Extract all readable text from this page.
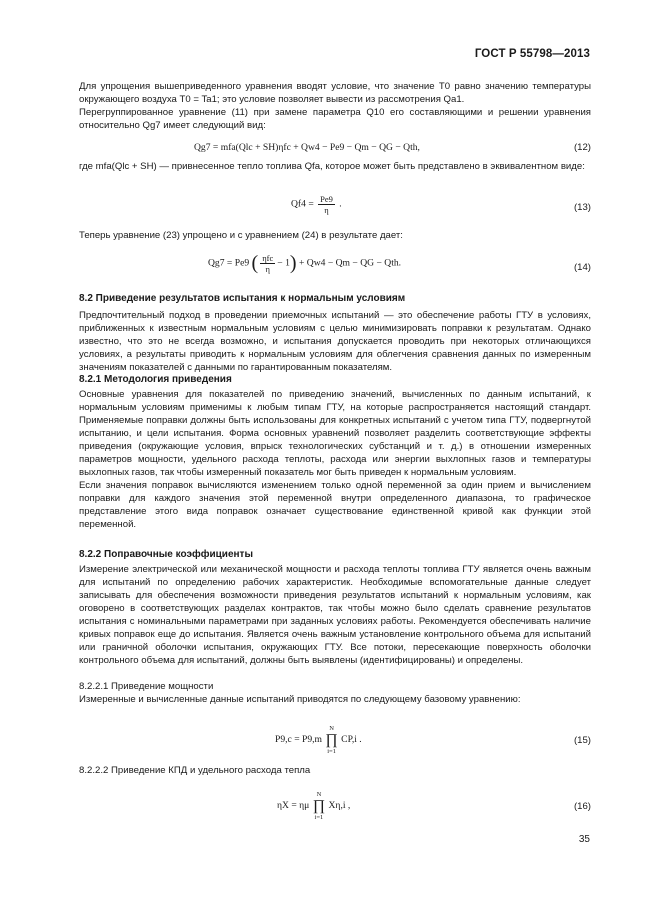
ГОСТ Р 55798—2013

Для упрощения вышеприведенного уравнения вводят условие, что значение T0 равно значению температуры окружающего воздуха T0 = Ta1; это условие позволяет вывести из рассмотрения Qa1.

Перегруппированное уравнение (11) при замене параметра Q10 его составляющими и решении уравнения относительно Qg7 имеет следующий вид:

Qg7 = mfa(Qlc + SH)ηfc + Qw4 − Pe9 − Qm − QG − Qth,	(12)

где mfa(Qlc + SH) — привнесенное тепло топлива Qfa, которое может быть представлено в эквивалентном виде:

$Qf4 = \frac{Pe9}{\eta}$ .	(13)

Теперь уравнение (23) упрощено и с уравнением (24) в результате дает:

Qg7 = Pe9 ( $\frac{\text{ηfc}}{\eta} - 1) + Qw4 - Qm$ − QG − Qth.	(14)
8.2 Приведение результатов испытания к нормальным условиям

Предпочтительный подход в проведении приемочных испытаний — это обеспечение работы ГТУ в условиях, приближенных к известным нормальным условиям с целью минимизировать поправки к результатам. Однако известно, что это не всегда возможно, и испытания допускается проводить при некоторых отличающихся условиях, а результаты приводить к нормальным условиям для облегчения сравнения данных по измеренным значениям показателей с данными по гарантированным показателям.

8.2.1 Методология приведения

Основные уравнения для показателей по приведению значений, вычисленных по данным испытаний, к нормальным условиям применимы к любым типам ГТУ, на которые распространяется настоящий стандарт. Применяемые поправки должны быть использованы для конкретных испытаний с учетом типа ГТУ, подвергнутой испытанию, и цели испытания. Форма основных уравнений позволяет разделить соответствующие эффекты приведения (окружающие условия, впрыск технологических субстанций и т. д.) в отношении измеренных параметров мощности, удельного расхода теплоты, расхода или энергии выхлопных газов и температуры выхлопных газов, так чтобы измеренный показатель мог быть приведен к нормальным условиям.

Если значения поправок вычисляются изменением только одной переменной за один прием и вычислением поправки для каждого значения этой переменной внутри определенного диапазона, то графическое представление этого вида поправок означает существование единственной кривой как функции этой переменной.

8.2.2 Поправочные коэффициенты

Измерение электрической или механической мощности и расхода теплоты топлива ГТУ является очень важным для испытаний по определению рабочих характеристик. Необходимые вспомогательные данные следует записывать для обеспечения возможности приведения результатов испытаний к нормальным условиям, как оговорено в соответствующих разделах контрактов, так чтобы можно было сделать сравнение результатов испытания с номинальными параметрами при заданных условиях работы. Рекомендуется обеспечивать наличие кривых поправок еще до испытания. Является очень важным установление контрольного объема для испытаний или граничной оболочки испытания, окружающих ГТУ. Все потоки, пересекающие поверхность оболочки контрольного объема для испытаний, должны быть выявлены (идентифицированы) и определены.

8.2.2.1 Приведение мощности

Измеренные и вычисленные данные испытаний приводятся по следующему базовому уравнению:

P9,c = P9,m
N
∏
i=1
CP,i .	(15)

8.2.2.2 Приведение КПД и удельного расхода тепла

ηX = ημ
N
∏
i=1
Xη,i ,	(16)
35
